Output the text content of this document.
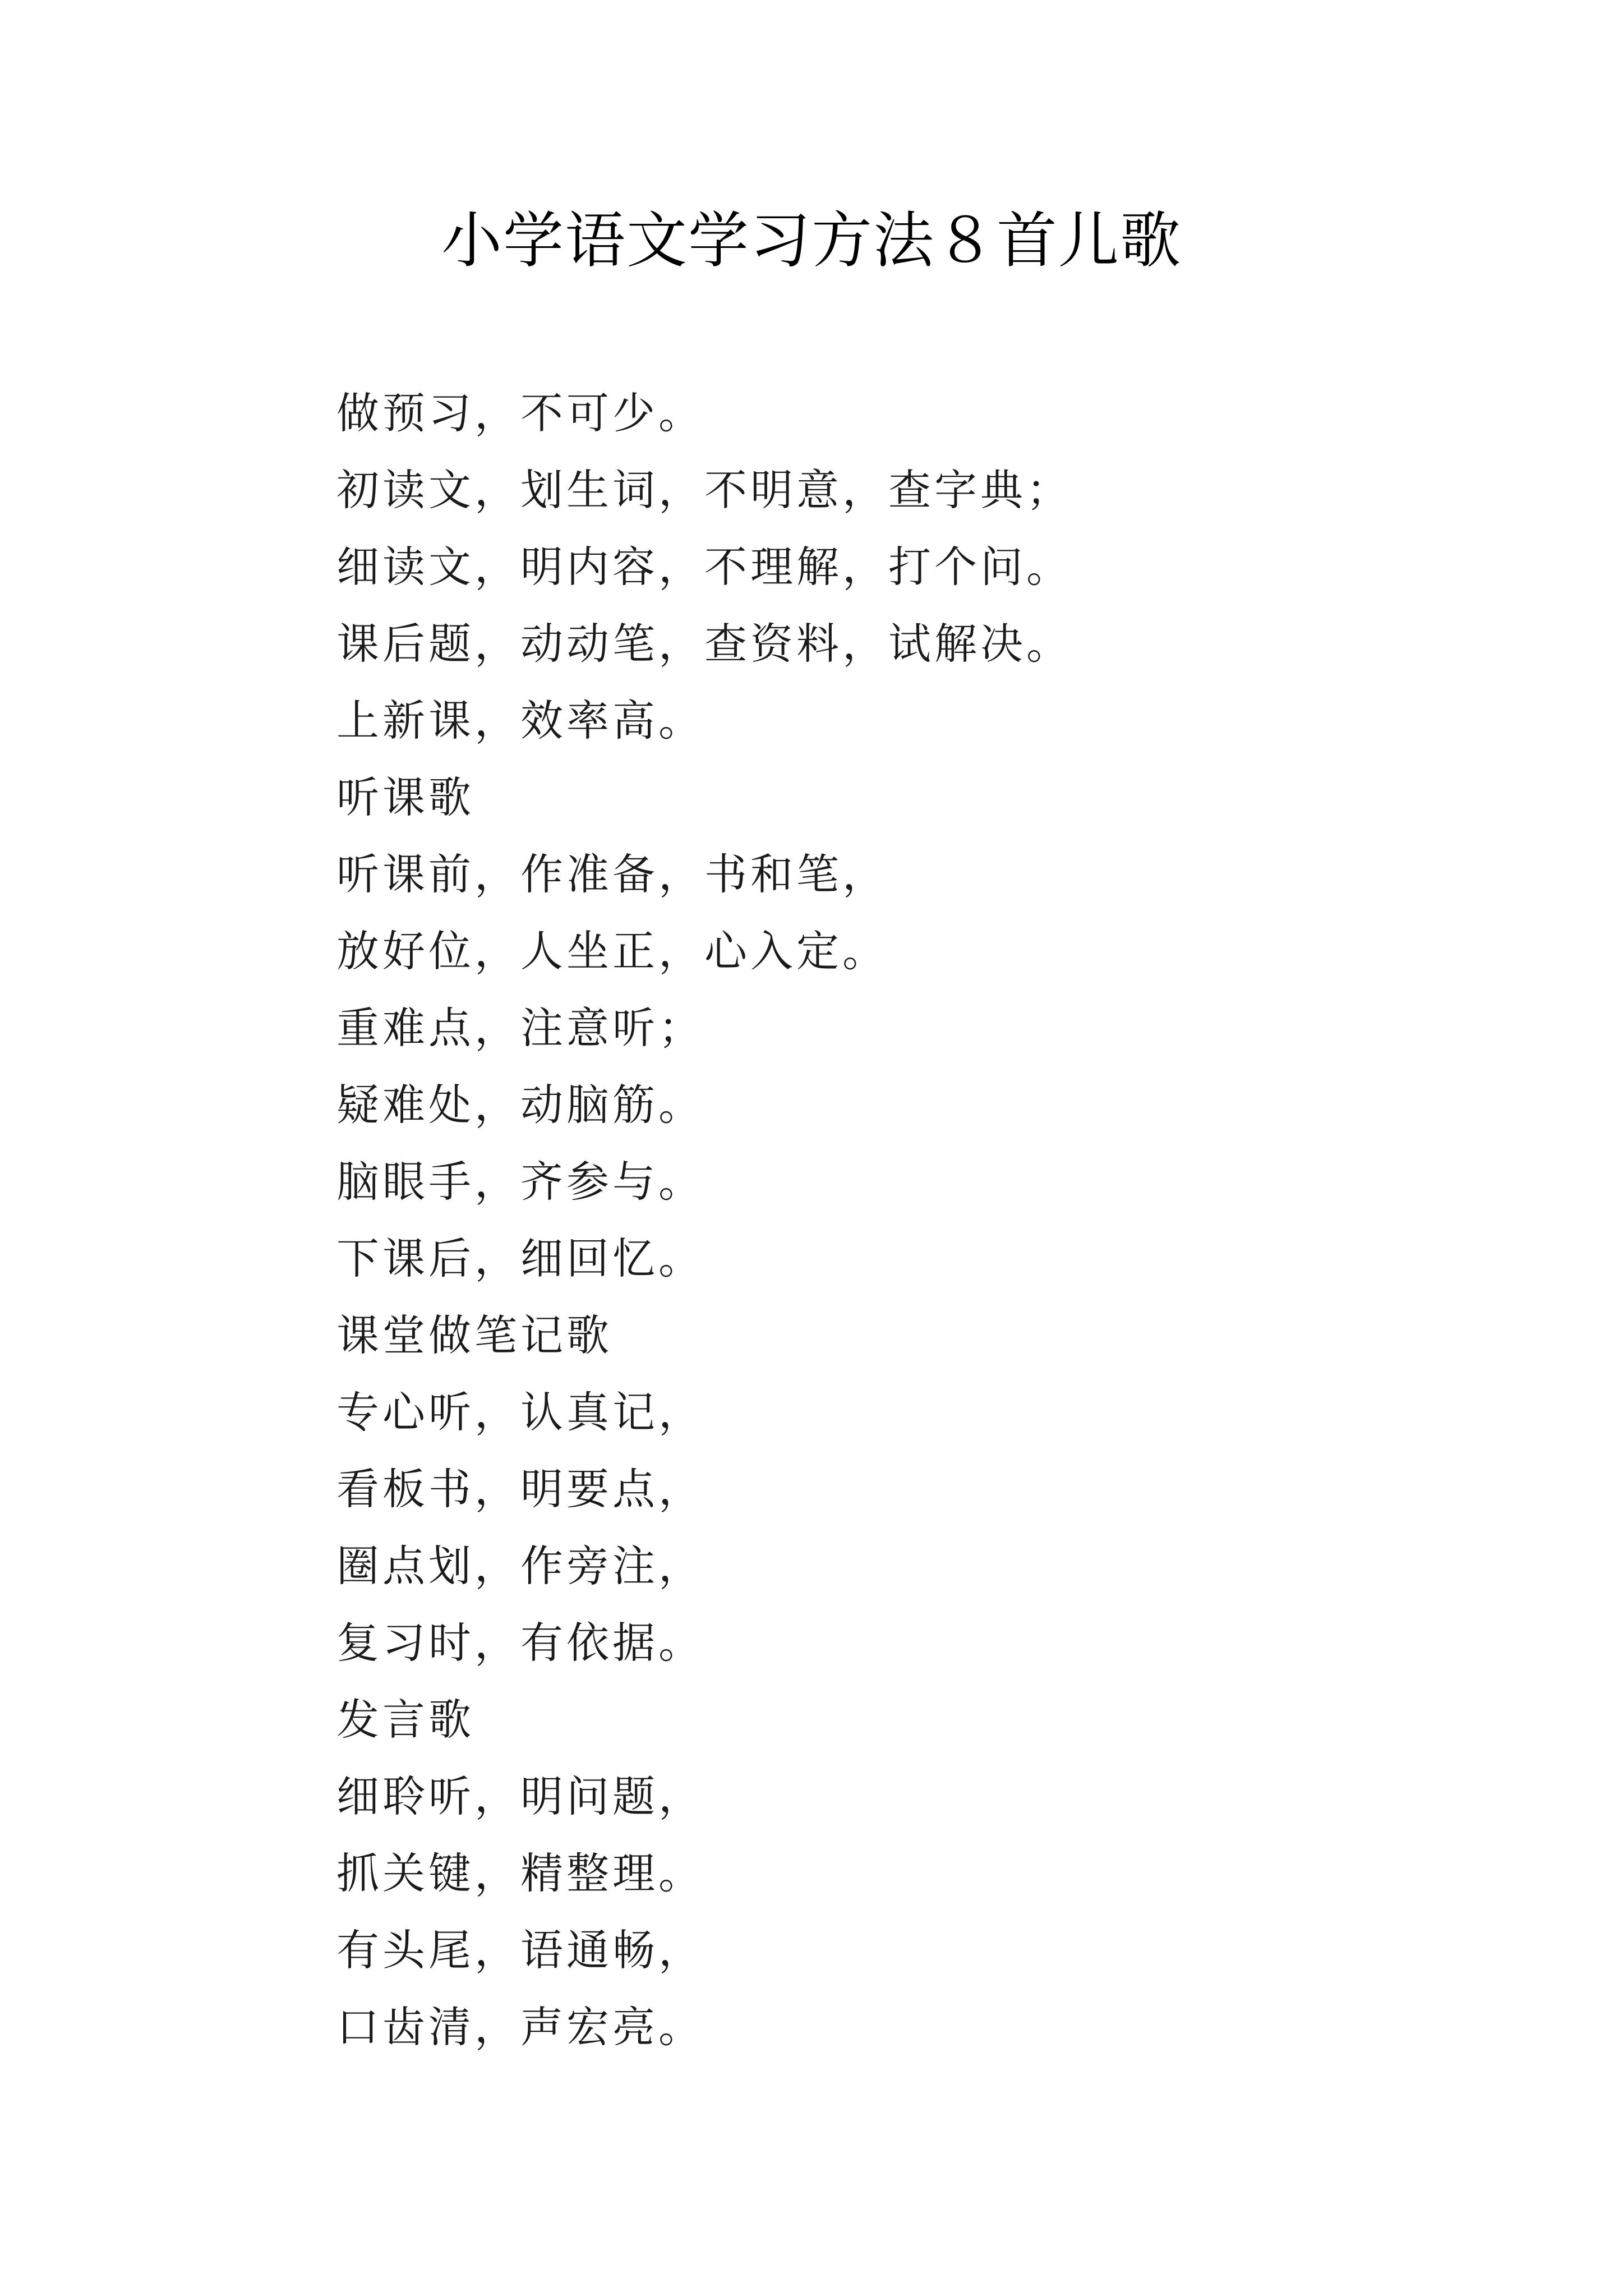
小学语文学习方法８首儿歌
做预习，不可少。
初读文，划生词，不明意，查字典；
细读文，明内容，不理解，打个问。
课后题，动动笔，查资料，试解决。
上新课，效率高。
听课歌
听课前，作准备，书和笔，
放好位，人坐正，心入定。
重难点，注意听；
疑难处，动脑筋。
脑眼手，齐参与。
下课后，细回忆。
课堂做笔记歌
专心听，认真记，
看板书，明要点，
圈点划，作旁注，
复习时，有依据。
发言歌
细聆听，明问题，
抓关键，精整理。
有头尾，语通畅，
口齿清，声宏亮。
